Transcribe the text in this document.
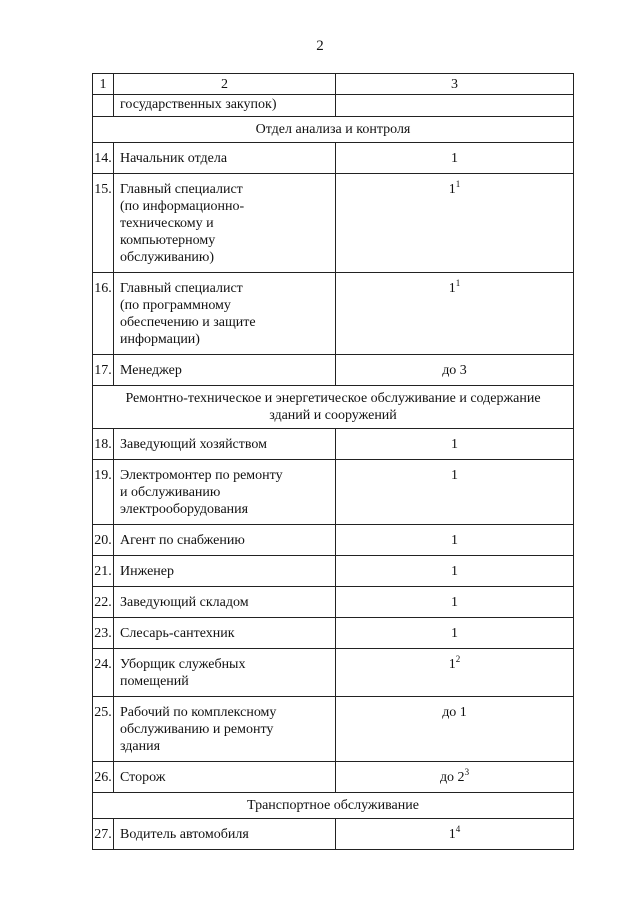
2
1	2	3
	государственных закупок)	
Отдел анализа и контроля		
14.	Начальник отдела	1
15.	Главный специалист
(по информационно-
техническому и
компьютерному
обслуживанию)	$1^1$
16.	Главный специалист
(по программному
обеспечению и защите
информации)	$1^1$
17.	Менеджер	до 3
Ремонтно-техническое и энергетическое обслуживание и содержание
зданий и сооружений		
18.	Заведующий хозяйством	1
19.	Электромонтер по ремонту
и обслуживанию
электрооборудования	1
20.	Агент по снабжению	1
21.	Инженер	1
22.	Заведующий складом	1
23.	Слесарь-сантехник	1
24.	Уборщик служебных
помещений	$1^2$
25.	Рабочий по комплексному
обслуживанию и ремонту
здания	до 1
26.	Сторож	до $2^3$
Транспортное обслуживание		
27.	Водитель автомобиля	$1^4$
